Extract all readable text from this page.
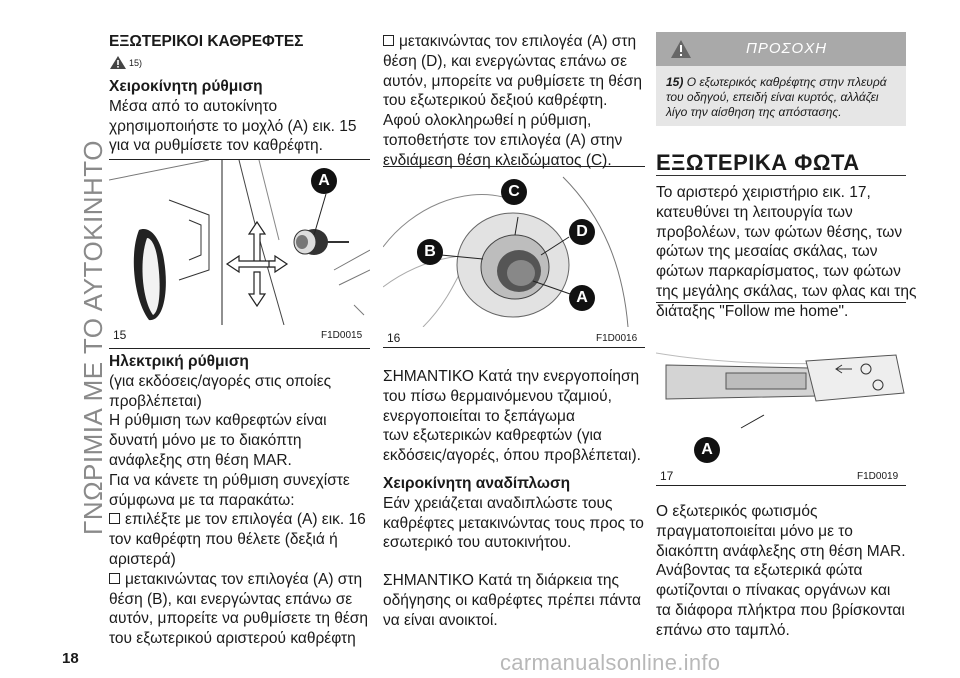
ΓΝΩΡΙΜΙΑ ΜΕ ΤΟ ΑΥΤΟΚΙΝΗΤΟ

ΕΞΩΤΕΡΙΚΟΙ ΚΑΘΡΕΦΤΕΣ

15)

Χειροκίνητη ρύθμιση

Μέσα από το αυτοκίνητο

χρησιμοποιήστε το μοχλό (A) εικ. 15

για να ρυθμίσετε τον καθρέφτη.

A
15	F1D0015

Ηλεκτρική ρύθμιση

(για εκδόσεις/αγορές στις οποίες

προβλέπεται)

Η ρύθμιση των καθρεφτών είναι

δυνατή μόνο με το διακόπτη

ανάφλεξης στη θέση MAR.

Για να κάνετε τη ρύθμιση συνεχίστε

σύμφωνα με τα παρακάτω:

επιλέξτε με τον επιλογέα (A) εικ. 16

τον καθρέφτη που θέλετε (δεξιά ή

αριστερά)

μετακινώντας τον επιλογέα (A) στη

θέση (B), και ενεργώντας επάνω σε

αυτόν, μπορείτε να ρυθμίσετε τη θέση

του εξωτερικού αριστερού καθρέφτη

μετακινώντας τον επιλογέα (A) στη

θέση (D), και ενεργώντας επάνω σε

αυτόν, μπορείτε να ρυθμίσετε τη θέση

του εξωτερικού δεξιού καθρέφτη.

Αφού ολοκληρωθεί η ρύθμιση,

τοποθετήστε τον επιλογέα (A) στην

ενδιάμεση θέση κλειδώματος (C).

C
D
B
A
16	F1D0016

ΣΗΜΑΝΤΙΚΟ Κατά την ενεργοποίηση

του πίσω θερμαινόμενου τζαμιού,

ενεργοποιείται το ξεπάγωμα

των εξωτερικών καθρεφτών (για

εκδόσεις/αγορές, όπου προβλέπεται).

Χειροκίνητη αναδίπλωση

Εάν χρειάζεται αναδιπλώστε τους

καθρέφτες μετακινώντας τους προς το

εσωτερικό του αυτοκινήτου.

ΣΗΜΑΝΤΙΚΟ Κατά τη διάρκεια της

οδήγησης οι καθρέφτες πρέπει πάντα

να είναι ανοικτοί.

ΠΡΟΣΟΧΗ
15) Ο εξωτερικός καθρέφτης στην πλευρά
του οδηγού, επειδή είναι κυρτός, αλλάζει
λίγο την αίσθηση της απόστασης.
ΕΞΩΤΕΡΙΚΑ ΦΩΤΑ

Το αριστερό χειριστήριο εικ. 17,

κατευθύνει τη λειτουργία των

προβολέων, των φώτων θέσης, των

φώτων της μεσαίας σκάλας, των

φώτων παρκαρίσματος, των φώτων

της μεγάλης σκάλας, των φλας και της

διάταξης "Follow me home".

A
17	F1D0019

Ο εξωτερικός φωτισμός

πραγματοποιείται μόνο με το

διακόπτη ανάφλεξης στη θέση MAR.

Ανάβοντας τα εξωτερικά φώτα

φωτίζονται ο πίνακας οργάνων και

τα διάφορα πλήκτρα που βρίσκονται

επάνω στο ταμπλό.

18	carmanualsonline.info
